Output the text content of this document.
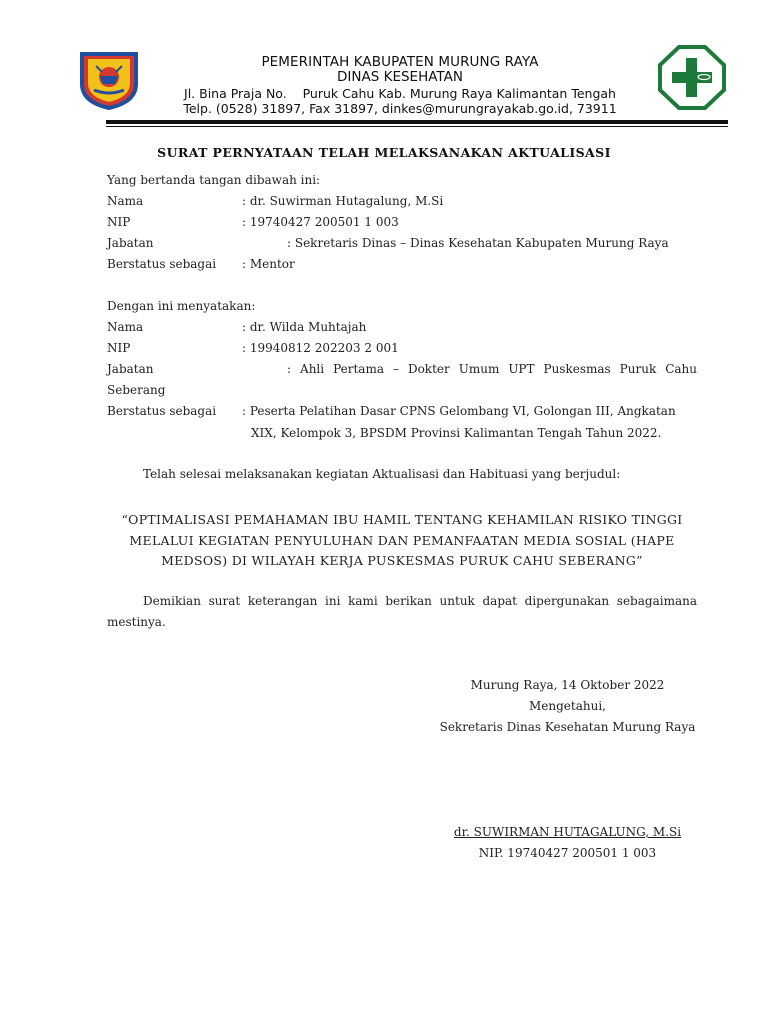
PEMERINTAH KABUPATEN MURUNG RAYA
DINAS KESEHATAN
Jl. Bina Praja No.    Puruk Cahu Kab. Murung Raya Kalimantan Tengah
Telp. (0528) 31897, Fax 31897, dinkes@murungrayakab.go.id, 73911
SURAT PERNYATAAN TELAH MELAKSANAKAN AKTUALISASI
Yang bertanda tangan dibawah ini:
Nama	: dr. Suwirman Hutagalung, M.Si
NIP	: 19740427 200501 1 003
Jabatan	: Sekretaris Dinas – Dinas Kesehatan Kabupaten Murung Raya
Berstatus sebagai : Mentor
Dengan ini menyatakan:
Nama	: dr. Wilda Muhtajah
NIP	: 19940812 202203 2 001
Jabatan	: Ahli Pertama – Dokter Umum UPT Puskesmas Puruk Cahu
Seberang
Berstatus sebagai : Peserta Pelatihan Dasar CPNS Gelombang VI, Golongan III, Angkatan
XIX, Kelompok 3, BPSDM Provinsi Kalimantan Tengah Tahun 2022.
Telah selesai melaksanakan kegiatan Aktualisasi dan Habituasi yang berjudul:
“OPTIMALISASI PEMAHAMAN IBU HAMIL TENTANG KEHAMILAN RISIKO TINGGI
MELALUI KEGIATAN PENYULUHAN DAN PEMANFAATAN MEDIA SOSIAL (HAPE
MEDSOS) DI WILAYAH KERJA PUSKESMAS PURUK CAHU SEBERANG”
Demikian surat keterangan ini kami berikan untuk dapat dipergunakan sebagaimana
mestinya.
Murung Raya, 14 Oktober 2022
Mengetahui,
Sekretaris Dinas Kesehatan Murung Raya
dr. SUWIRMAN HUTAGALUNG, M.Si
NIP. 19740427 200501 1 003
